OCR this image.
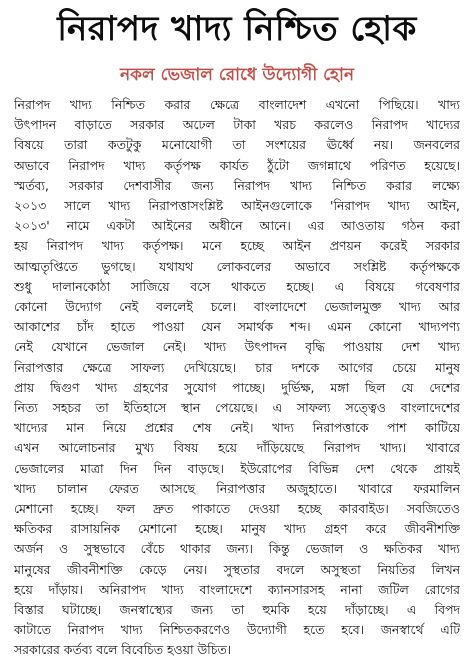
নিরাপদ খাদ্য নিশ্চিত হোক
নকল ভেজাল রোধে উদ্যোগী হোন
নিরাপদ খাদ্য নিশ্চিত করার ক্ষেত্রে বাংলাদেশ এখনো পিছিয়ে। খাদ্য
উৎপাদন বাড়াতে সরকার অঢেল টাকা খরচ করলেও নিরাপদ খাদ্যের
বিষয়ে তারা কতটুকু মনোযোগী তা সংশয়ের ঊর্ধ্বে নয়। জনবলের
অভাবে নিরাপদ খাদ্য কর্তৃপক্ষ কার্যত ঠুঁটো জগন্নাথে পরিণত হয়েছে।
স্মর্তব্য, সরকার দেশবাসীর জন্য নিরাপদ খাদ্য নিশ্চিত করার লক্ষ্যে
২০১৩ সালে খাদ্য নিরাপত্তাসংশ্লিষ্ট আইনগুলোকে 'নিরাপদ খাদ্য আইন,
২০১৩' নামে একটা আইনের অধীনে আনে। এর আওতায় গঠন করা
হয় নিরাপদ খাদ্য কর্তৃপক্ষ। মনে হচ্ছে আইন প্রণয়ন করেই সরকার
আত্মতৃপ্তিতে ভুগছে। যথাযথ লোকবলের অভাবে সংশ্লিষ্ট কর্তৃপক্ষকে
শুধু দালানকোঠা সাজিয়ে বসে থাকতে হচ্ছে। এ বিষয়ে গবেষণার
কোনো উদ্যোগ নেই বললেই চলে। বাংলাদেশে ভেজালমুক্ত খাদ্য আর
আকাশের চাঁদ হাতে পাওয়া যেন সমার্থক শব্দ। এমন কোনো খাদ্যপণ্য
নেই যেখানে ভেজাল নেই। খাদ্য উৎপাদন বৃদ্ধি পাওয়ায় দেশ খাদ্য
নিরাপত্তার ক্ষেত্রে সাফল্য দেখিয়েছে। চার দশকে আগের চেয়ে মানুষ
প্রায় দ্বিগুণ খাদ্য গ্রহণের সুযোগ পাচ্ছে। দুর্ভিক্ষ, মঙ্গা ছিল যে দেশের
নিত্য সহচর তা ইতিহাসে স্থান পেয়েছে। এ সাফল্য সত্ত্বেও বাংলাদেশের
খাদ্যের মান নিয়ে প্রশ্নের শেষ নেই। খাদ্য নিরাপত্তাকে পাশ কাটিয়ে
এখন আলোচনার মুখ্য বিষয় হয়ে দাঁড়িয়েছে নিরাপদ খাদ্য। খাবারে
ভেজালের মাত্রা দিন দিন বাড়ছে। ইউরোপের বিভিন্ন দেশ থেকে প্রায়ই
খাদ্য চালান ফেরত আসছে নিরাপত্তার অজুহাতে। খাবারে ফরমালিন
মেশানো হচ্ছে। ফল দ্রুত পাকাতে দেওয়া হচ্ছে কারবাইড। সবজিতেও
ক্ষতিকর রাসায়নিক মেশানো হচ্ছে। মানুষ খাদ্য গ্রহণ করে জীবনীশক্তি
অর্জন ও সুস্থভাবে বেঁচে থাকার জন্য। কিন্তু ভেজাল ও ক্ষতিকর খাদ্য
মানুষের জীবনীশক্তি কেড়ে নেয়। সুস্থতার বদলে অসুস্থতা নিয়তির লিখন
হয়ে দাঁড়ায়। অনিরাপদ খাদ্য বাংলাদেশে ক্যানসারসহ নানা জটিল রোগের
বিস্তার ঘটাচ্ছে। জনস্বাস্থ্যের জন্য তা হুমকি হয়ে দাঁড়াচ্ছে। এ বিপদ
কাটাতে নিরাপদ খাদ্য নিশ্চিতকরণেও উদ্যোগী হতে হবে। জনস্বার্থে এটি
সরকারের কর্তব্য বলে বিবেচিত হওয়া উচিত।
